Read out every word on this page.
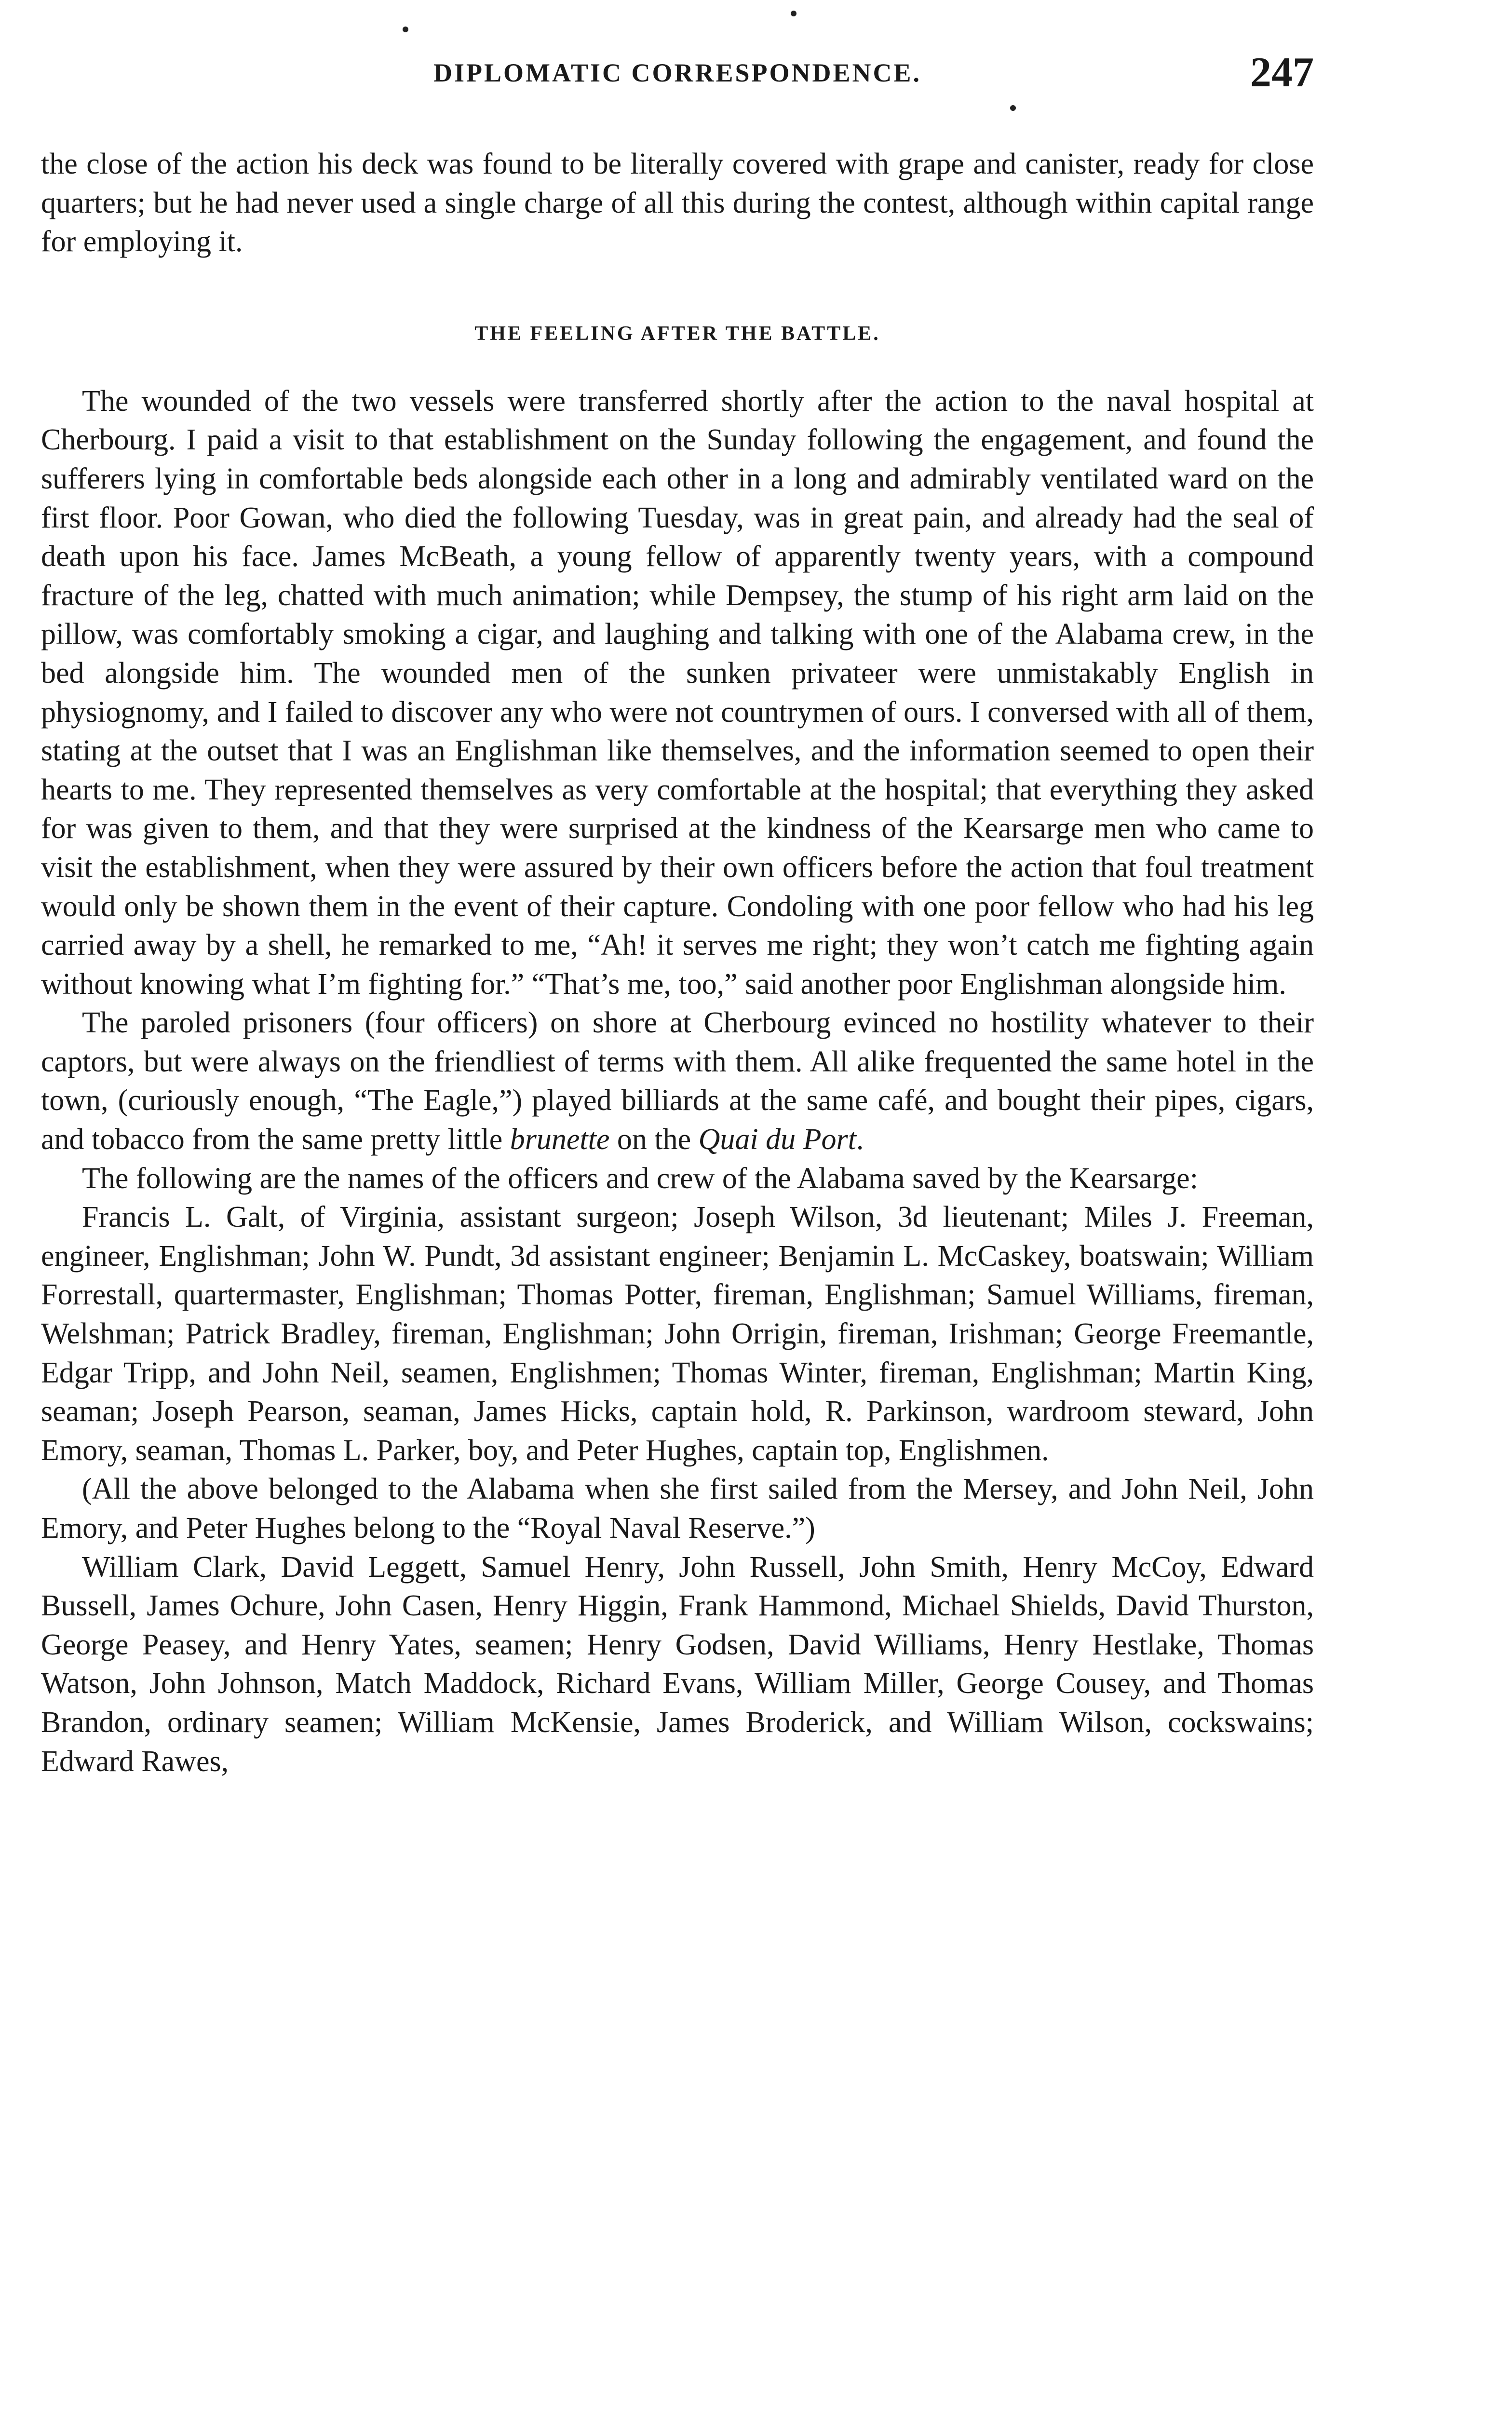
DIPLOMATIC CORRESPONDENCE.	247

the close of the action his deck was found to be literally covered with grape and canister, ready for close quarters; but he had never used a single charge of all this during the contest, although within capital range for employing it.

THE FEELING AFTER THE BATTLE.

The wounded of the two vessels were transferred shortly after the action to the naval hospital at Cherbourg. I paid a visit to that establishment on the Sunday following the engagement, and found the sufferers lying in comfortable beds alongside each other in a long and admirably ventilated ward on the first floor. Poor Gowan, who died the following Tuesday, was in great pain, and already had the seal of death upon his face. James McBeath, a young fellow of apparently twenty years, with a compound fracture of the leg, chatted with much animation; while Dempsey, the stump of his right arm laid on the pillow, was comfortably smoking a cigar, and laughing and talking with one of the Alabama crew, in the bed alongside him. The wounded men of the sunken privateer were unmistakably English in physiognomy, and I failed to discover any who were not countrymen of ours. I conversed with all of them, stating at the outset that I was an Englishman like themselves, and the information seemed to open their hearts to me. They represented themselves as very comfortable at the hospital; that everything they asked for was given to them, and that they were surprised at the kindness of the Kearsarge men who came to visit the establishment, when they were assured by their own officers before the action that foul treatment would only be shown them in the event of their capture. Condoling with one poor fellow who had his leg carried away by a shell, he remarked to me, “Ah! it serves me right; they won’t catch me fighting again without knowing what I’m fighting for.” “That’s me, too,” said another poor Englishman alongside him.

The paroled prisoners (four officers) on shore at Cherbourg evinced no hostility whatever to their captors, but were always on the friendliest of terms with them. All alike frequented the same hotel in the town, (curiously enough, “The Eagle,”) played billiards at the same café, and bought their pipes, cigars, and tobacco from the same pretty little brunette on the Quai du Port.

The following are the names of the officers and crew of the Alabama saved by the Kearsarge:

Francis L. Galt, of Virginia, assistant surgeon; Joseph Wilson, 3d lieutenant; Miles J. Freeman, engineer, Englishman; John W. Pundt, 3d assistant engineer; Benjamin L. McCaskey, boatswain; William Forrestall, quartermaster, Englishman; Thomas Potter, fireman, Englishman; Samuel Williams, fireman, Welshman; Patrick Bradley, fireman, Englishman; John Orrigin, fireman, Irishman; George Freemantle, Edgar Tripp, and John Neil, seamen, Englishmen; Thomas Winter, fireman, Englishman; Martin King, seaman; Joseph Pearson, seaman, James Hicks, captain hold, R. Parkinson, wardroom steward, John Emory, seaman, Thomas L. Parker, boy, and Peter Hughes, captain top, Englishmen.

(All the above belonged to the Alabama when she first sailed from the Mersey, and John Neil, John Emory, and Peter Hughes belong to the “Royal Naval Reserve.”)

William Clark, David Leggett, Samuel Henry, John Russell, John Smith, Henry McCoy, Edward Bussell, James Ochure, John Casen, Henry Higgin, Frank Hammond, Michael Shields, David Thurston, George Peasey, and Henry Yates, seamen; Henry Godsen, David Williams, Henry Hestlake, Thomas Watson, John Johnson, Match Maddock, Richard Evans, William Miller, George Cousey, and Thomas Brandon, ordinary seamen; William McKensie, James Broderick, and William Wilson, cockswains; Edward Rawes,
